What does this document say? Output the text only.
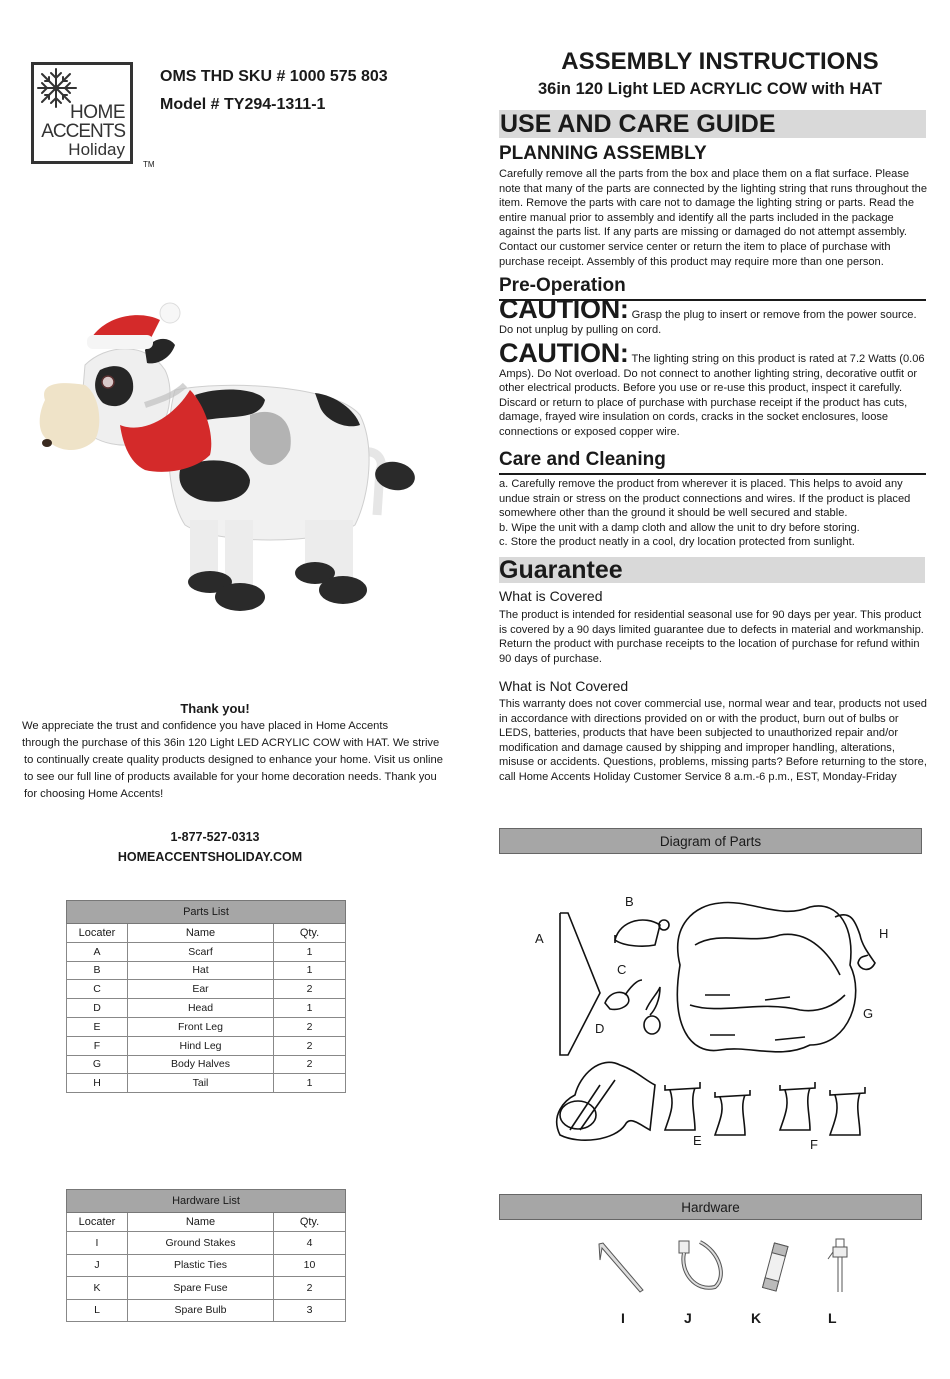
HOME
ACCENTS
Holiday
TM
OMS THD SKU # 1000 575 803
Model # TY294-1311-1
Thank you!
We appreciate the trust and confidence you have placed in Home Accents
through the purchase of this 36in 120 Light LED ACRYLIC COW with HAT. We strive
to continually create quality products designed to enhance your home. Visit us online
to see our full line of products available for your home decoration needs. Thank you
for choosing Home Accents!
1-877-527-0313
HOMEACCENTSHOLIDAY.COM
Parts List		
Locater	Name	Qty.
A	Scarf	1
B	Hat	1
C	Ear	2
D	Head	1
E	Front Leg	2
F	Hind Leg	2
G	Body Halves	2
H	Tail	1
Hardware List		
Locater	Name	Qty.
I	Ground Stakes	4
J	Plastic Ties	10
K	Spare Fuse	2
L	Spare Bulb	3
ASSEMBLY INSTRUCTIONS
36in 120 Light LED ACRYLIC COW with HAT
USE AND CARE GUIDE
PLANNING ASSEMBLY
Carefully remove all the parts from the box and place them on a flat surface. Please note that many of the parts are connected by the lighting string that runs throughout the item. Remove the parts with care not to damage the lighting string or parts. Read the entire manual prior to assembly and identify all the parts included in the package against the parts list. If any parts are missing or damaged do not attempt assembly. Contact our customer service center or return the item to place of purchase with purchase receipt. Assembly of this product may require more than one person.
Pre-Operation
CAUTION: Grasp the plug to insert or remove from the power source. Do not unplug by pulling on cord.
CAUTION: The lighting string on this product is rated at 7.2 Watts (0.06 Amps). Do Not overload. Do not connect to another lighting string, decorative outfit or other electrical products. Before you use or re-use this product, inspect it carefully. Discard or return to place of purchase with purchase receipt if the product has cuts, damage, frayed wire insulation on cords, cracks in the socket enclosures, loose connections or exposed copper wire.
Care and Cleaning
a. Carefully remove the product from wherever it is placed. This helps to avoid any undue strain or stress on the product connections and wires. If the product is placed somewhere other than the ground it should be well secured and stable.
b. Wipe the unit with a damp cloth and allow the unit to dry before storing.
c. Store the product neatly in a cool, dry location protected from sunlight.
Guarantee
What is Covered
The product is intended for residential seasonal use for 90 days per year. This product is covered by a 90 days limited guarantee due to defects in material and workmanship. Return the product with purchase receipts to the location of purchase for refund within 90 days of purchase.
What is Not Covered
This warranty does not cover commercial use, normal wear and tear, products not used in accordance with directions provided on or with the product, burn out of bulbs or LEDS, batteries, products that have been subjected to unauthorized repair and/or modification and damage caused by shipping and improper handling, alterations, misuse or accidents. Questions, problems, missing parts? Before returning to the store, call Home Accents Holiday Customer Service 8 a.m.-6 p.m., EST, Monday-Friday
Diagram of Parts
A
B
C
D
E	F
G
H
Hardware
I	J	K	L
